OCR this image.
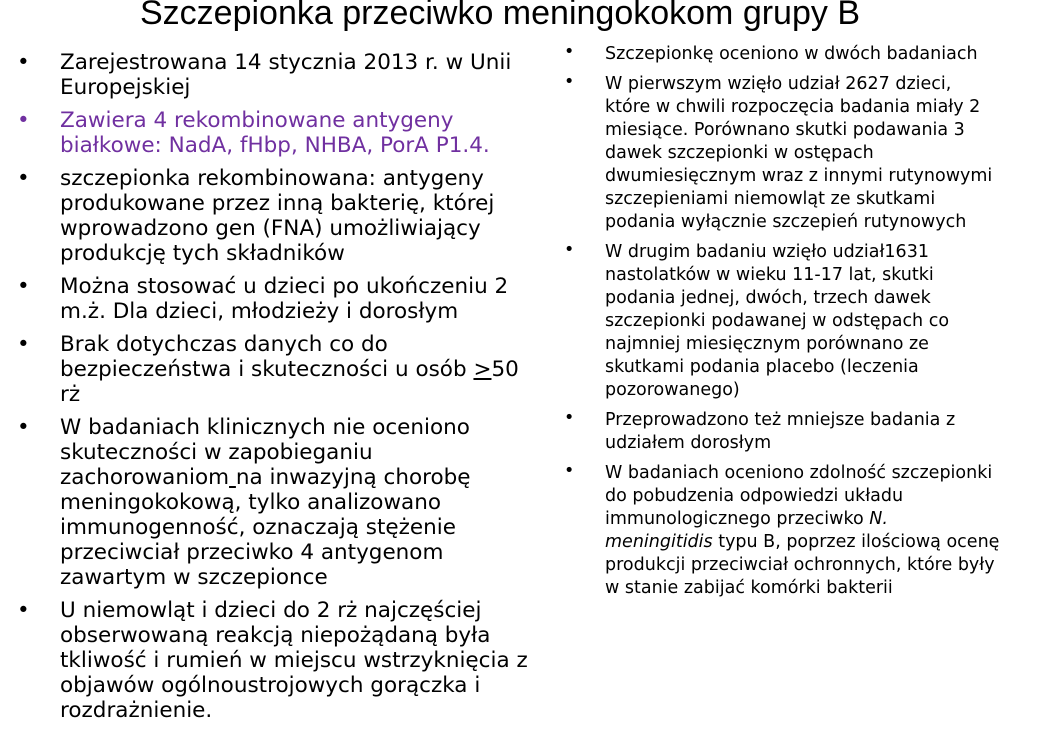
Szczepionka przeciwko meningokokom grupy B
• Zarejestrowana 14 stycznia 2013 r. w Unii Europejskiej
• Zawiera 4 rekombinowane antygeny białkowe: NadA, fHbp, NHBA, PorA P1.4.
• szczepionka rekombinowana: antygeny produkowane przez inną bakterię, której wprowadzono gen (FNA) umożliwiający produkcję tych składników
• Można stosować u dzieci po ukończeniu 2 m.ż. Dla dzieci, młodzieży i dorosłym
• Brak dotychczas danych co do bezpieczeństwa i skuteczności u osób >50 rż
• W badaniach klinicznych nie oceniono skuteczności w zapobieganiu zachorowaniom na inwazyjną chorobę meningokokową, tylko analizowano immunogenność, oznaczają stężenie przeciwciał przeciwko 4 antygenom zawartym w szczepionce
• U niemowląt i dzieci do 2 rż najczęściej obserwowaną reakcją niepożądaną była tkliwość i rumień w miejscu wstrzyknięcia z objawów ogólnoustrojowych gorączka i rozdrażnienie.
• Szczepionkę oceniono w dwóch badaniach
• W pierwszym wzięło udział 2627 dzieci, które w chwili rozpoczęcia badania miały 2 miesiące. Porównano skutki podawania 3 dawek szczepionki w ostępach dwumiesięcznym wraz z innymi rutynowymi szczepieniami niemowląt ze skutkami podania wyłącznie szczepień rutynowych
• W drugim badaniu wzięło udział1631 nastolatków w wieku 11-17 lat, skutki podania jednej, dwóch, trzech dawek szczepionki podawanej w odstępach co najmniej miesięcznym porównano ze skutkami podania placebo (leczenia pozorowanego)
• Przeprowadzono też mniejsze badania z udziałem dorosłym
• W badaniach oceniono zdolność szczepionki do pobudzenia odpowiedzi układu immunologicznego przeciwko N. meningitidis typu B, poprzez ilościową ocenę produkcji przeciwciał ochronnych, które były w stanie zabijać komórki bakterii
